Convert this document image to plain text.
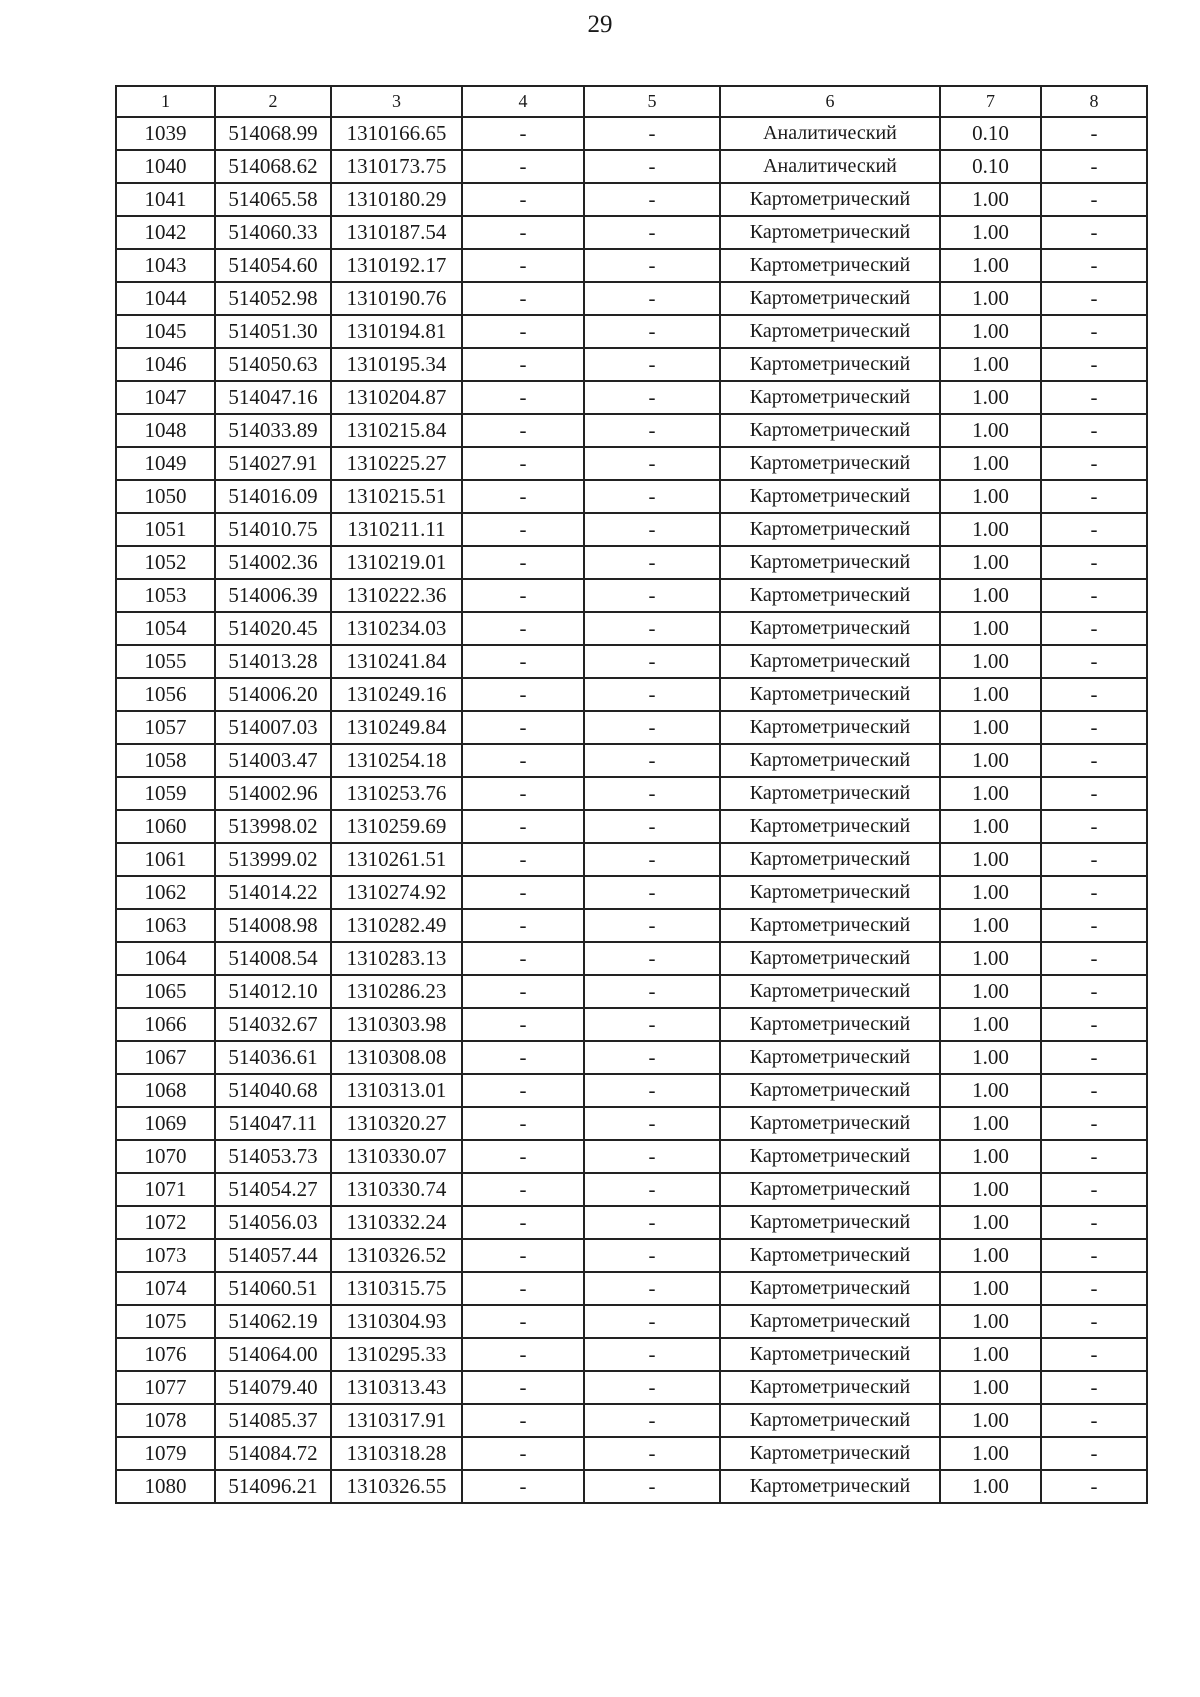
29
1	2	3	4	5	6	7	8
1039	514068.99	1310166.65	-	-	Аналитический	0.10	-
1040	514068.62	1310173.75	-	-	Аналитический	0.10	-
1041	514065.58	1310180.29	-	-	Картометрический	1.00	-
1042	514060.33	1310187.54	-	-	Картометрический	1.00	-
1043	514054.60	1310192.17	-	-	Картометрический	1.00	-
1044	514052.98	1310190.76	-	-	Картометрический	1.00	-
1045	514051.30	1310194.81	-	-	Картометрический	1.00	-
1046	514050.63	1310195.34	-	-	Картометрический	1.00	-
1047	514047.16	1310204.87	-	-	Картометрический	1.00	-
1048	514033.89	1310215.84	-	-	Картометрический	1.00	-
1049	514027.91	1310225.27	-	-	Картометрический	1.00	-
1050	514016.09	1310215.51	-	-	Картометрический	1.00	-
1051	514010.75	1310211.11	-	-	Картометрический	1.00	-
1052	514002.36	1310219.01	-	-	Картометрический	1.00	-
1053	514006.39	1310222.36	-	-	Картометрический	1.00	-
1054	514020.45	1310234.03	-	-	Картометрический	1.00	-
1055	514013.28	1310241.84	-	-	Картометрический	1.00	-
1056	514006.20	1310249.16	-	-	Картометрический	1.00	-
1057	514007.03	1310249.84	-	-	Картометрический	1.00	-
1058	514003.47	1310254.18	-	-	Картометрический	1.00	-
1059	514002.96	1310253.76	-	-	Картометрический	1.00	-
1060	513998.02	1310259.69	-	-	Картометрический	1.00	-
1061	513999.02	1310261.51	-	-	Картометрический	1.00	-
1062	514014.22	1310274.92	-	-	Картометрический	1.00	-
1063	514008.98	1310282.49	-	-	Картометрический	1.00	-
1064	514008.54	1310283.13	-	-	Картометрический	1.00	-
1065	514012.10	1310286.23	-	-	Картометрический	1.00	-
1066	514032.67	1310303.98	-	-	Картометрический	1.00	-
1067	514036.61	1310308.08	-	-	Картометрический	1.00	-
1068	514040.68	1310313.01	-	-	Картометрический	1.00	-
1069	514047.11	1310320.27	-	-	Картометрический	1.00	-
1070	514053.73	1310330.07	-	-	Картометрический	1.00	-
1071	514054.27	1310330.74	-	-	Картометрический	1.00	-
1072	514056.03	1310332.24	-	-	Картометрический	1.00	-
1073	514057.44	1310326.52	-	-	Картометрический	1.00	-
1074	514060.51	1310315.75	-	-	Картометрический	1.00	-
1075	514062.19	1310304.93	-	-	Картометрический	1.00	-
1076	514064.00	1310295.33	-	-	Картометрический	1.00	-
1077	514079.40	1310313.43	-	-	Картометрический	1.00	-
1078	514085.37	1310317.91	-	-	Картометрический	1.00	-
1079	514084.72	1310318.28	-	-	Картометрический	1.00	-
1080	514096.21	1310326.55	-	-	Картометрический	1.00	-
